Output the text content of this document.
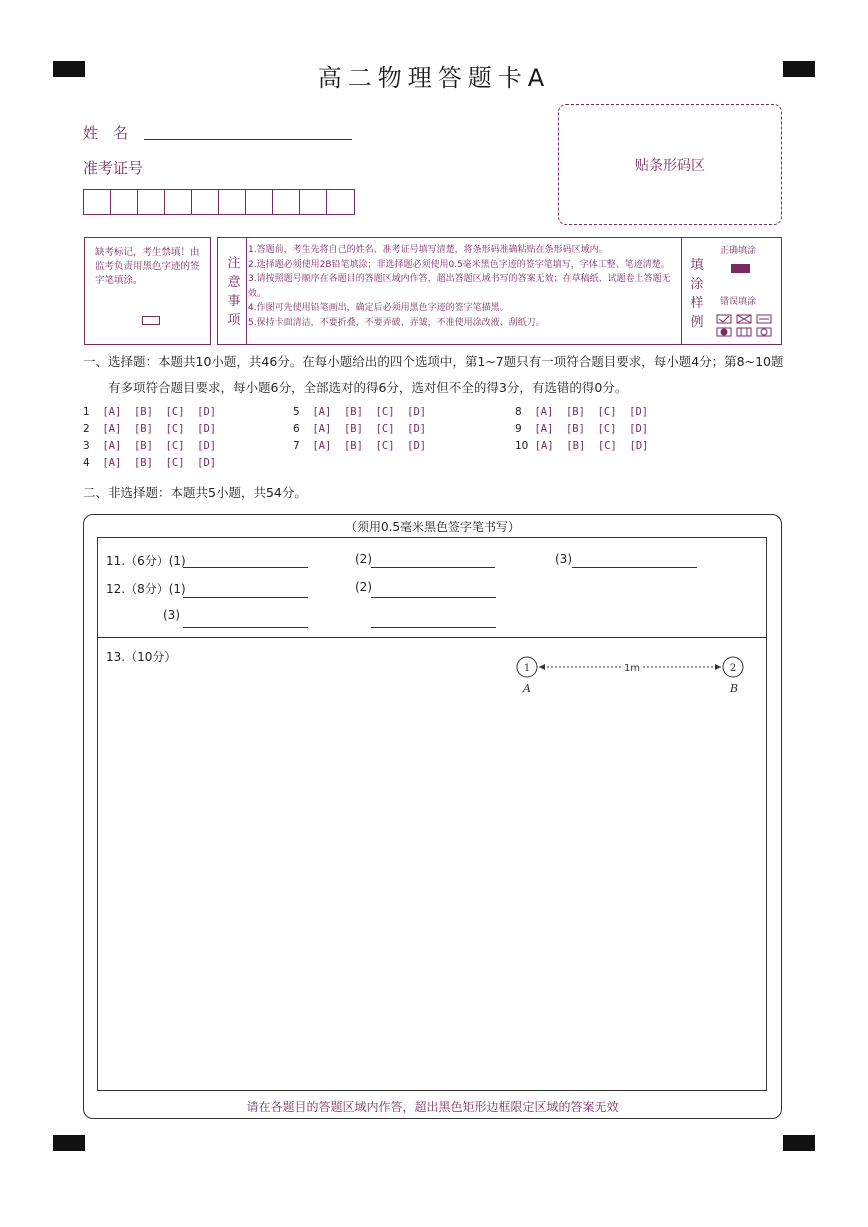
高二物理答题卡A
姓　名
准考证号	贴条形码区
缺考标记，考生禁填！由监考负责用黑色字迹的签字笔填涂。
注
意
事
项
1.答题前，考生先将自己的姓名、准考证号填写清楚，将条形码准确粘贴在条形码区域内。
2.选择题必须使用2B铅笔填涂；非选择题必须使用0.5毫米黑色字迹的签字笔填写，字体工整、笔迹清楚。
3.请按照题号顺序在各题目的答题区域内作答，超出答题区域书写的答案无效；在草稿纸、试题卷上答题无效。
4.作图可先使用铅笔画出，确定后必须用黑色字迹的签字笔描黑。
5.保持卡面清洁，不要折叠，不要弄破、弄皱，不准使用涂改液、刮纸刀。
填
涂
样
例
正确填涂
错误填涂
一、选择题：本题共10小题，共46分。在每小题给出的四个选项中，第1~7题只有一项符合题目要求，每小题4分；第8~10题
有多项符合题目要求，每小题6分，全部选对的得6分，选对但不全的得3分，有选错的得0分。
1 [A]  [B]  [C]  [D]
2 [A]  [B]  [C]  [D]
3 [A]  [B]  [C]  [D]
4 [A]  [B]  [C]  [D]
5 [A]  [B]  [C]  [D]
6 [A]  [B]  [C]  [D]
7 [A]  [B]  [C]  [D]
8 [A]  [B]  [C]  [D]
9 [A]  [B]  [C]  [D]
10 [A]  [B]  [C]  [D]
二、非选择题：本题共5小题，共54分。
（须用0.5毫米黑色签字笔书写）
11.（6分）(1)	(2)	(3)
12.（8分）(1)	(2)
(3)
13.（10分）
1	2
1m
A	B
请在各题目的答题区域内作答，超出黑色矩形边框限定区域的答案无效
